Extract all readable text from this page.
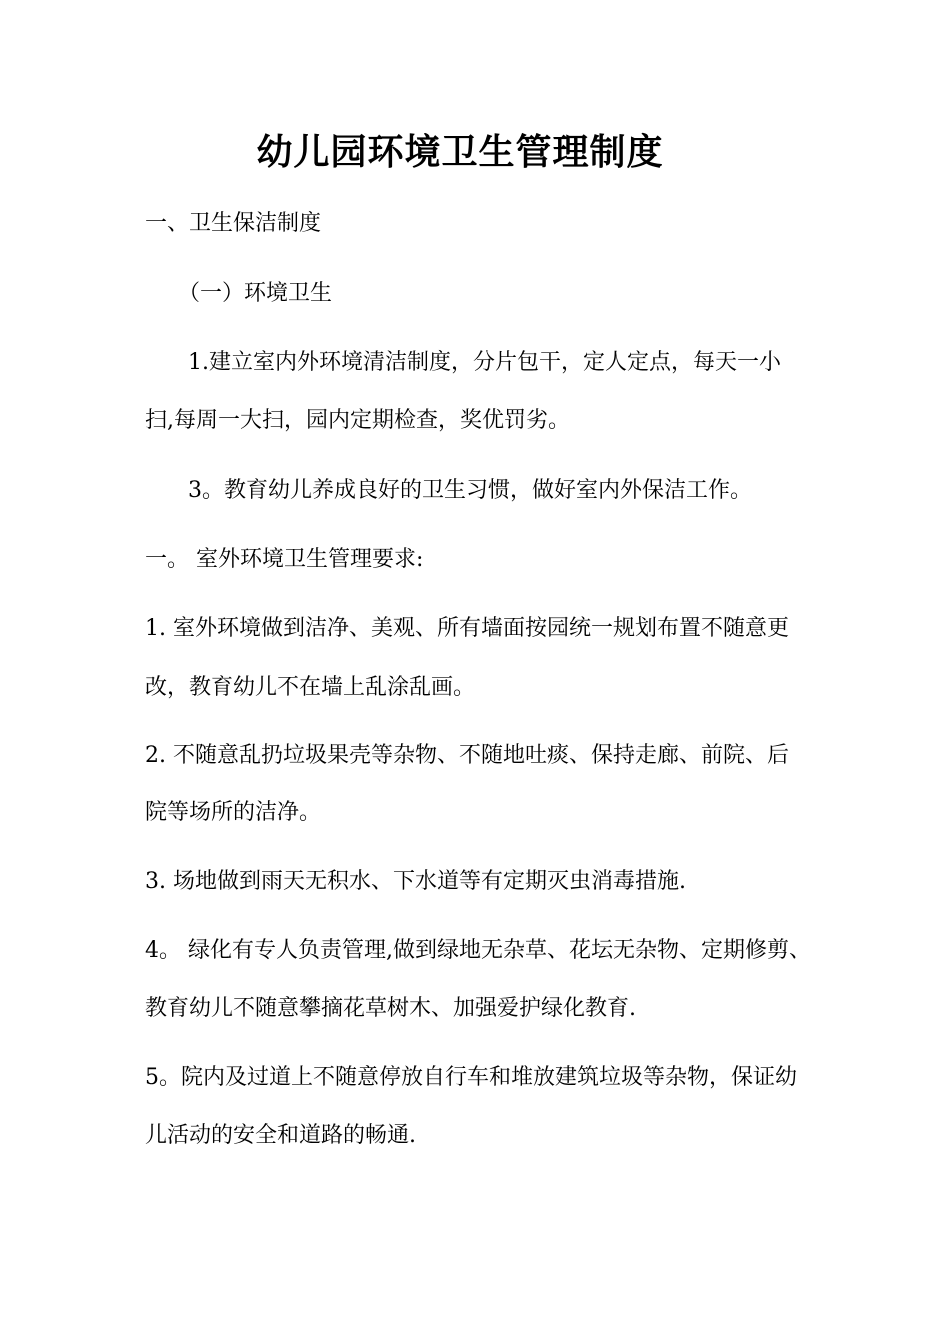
幼儿园环境卫生管理制度

一、卫生保洁制度

（一）环境卫生

1.建立室内外环境清洁制度，分片包干，定人定点，每天一小

扫,每周一大扫，园内定期检查，奖优罚劣。

3。教育幼儿养成良好的卫生习惯，做好室内外保洁工作。

一。 室外环境卫生管理要求:

1. 室外环境做到洁净、美观、所有墙面按园统一规划布置不随意更

改，教育幼儿不在墙上乱涂乱画。

2. 不随意乱扔垃圾果壳等杂物、不随地吐痰、保持走廊、前院、后

院等场所的洁净。

3. 场地做到雨天无积水、下水道等有定期灭虫消毒措施.

4。 绿化有专人负责管理,做到绿地无杂草、花坛无杂物、定期修剪、

教育幼儿不随意攀摘花草树木、加强爱护绿化教育.

5。院内及过道上不随意停放自行车和堆放建筑垃圾等杂物，保证幼

儿活动的安全和道路的畅通.
